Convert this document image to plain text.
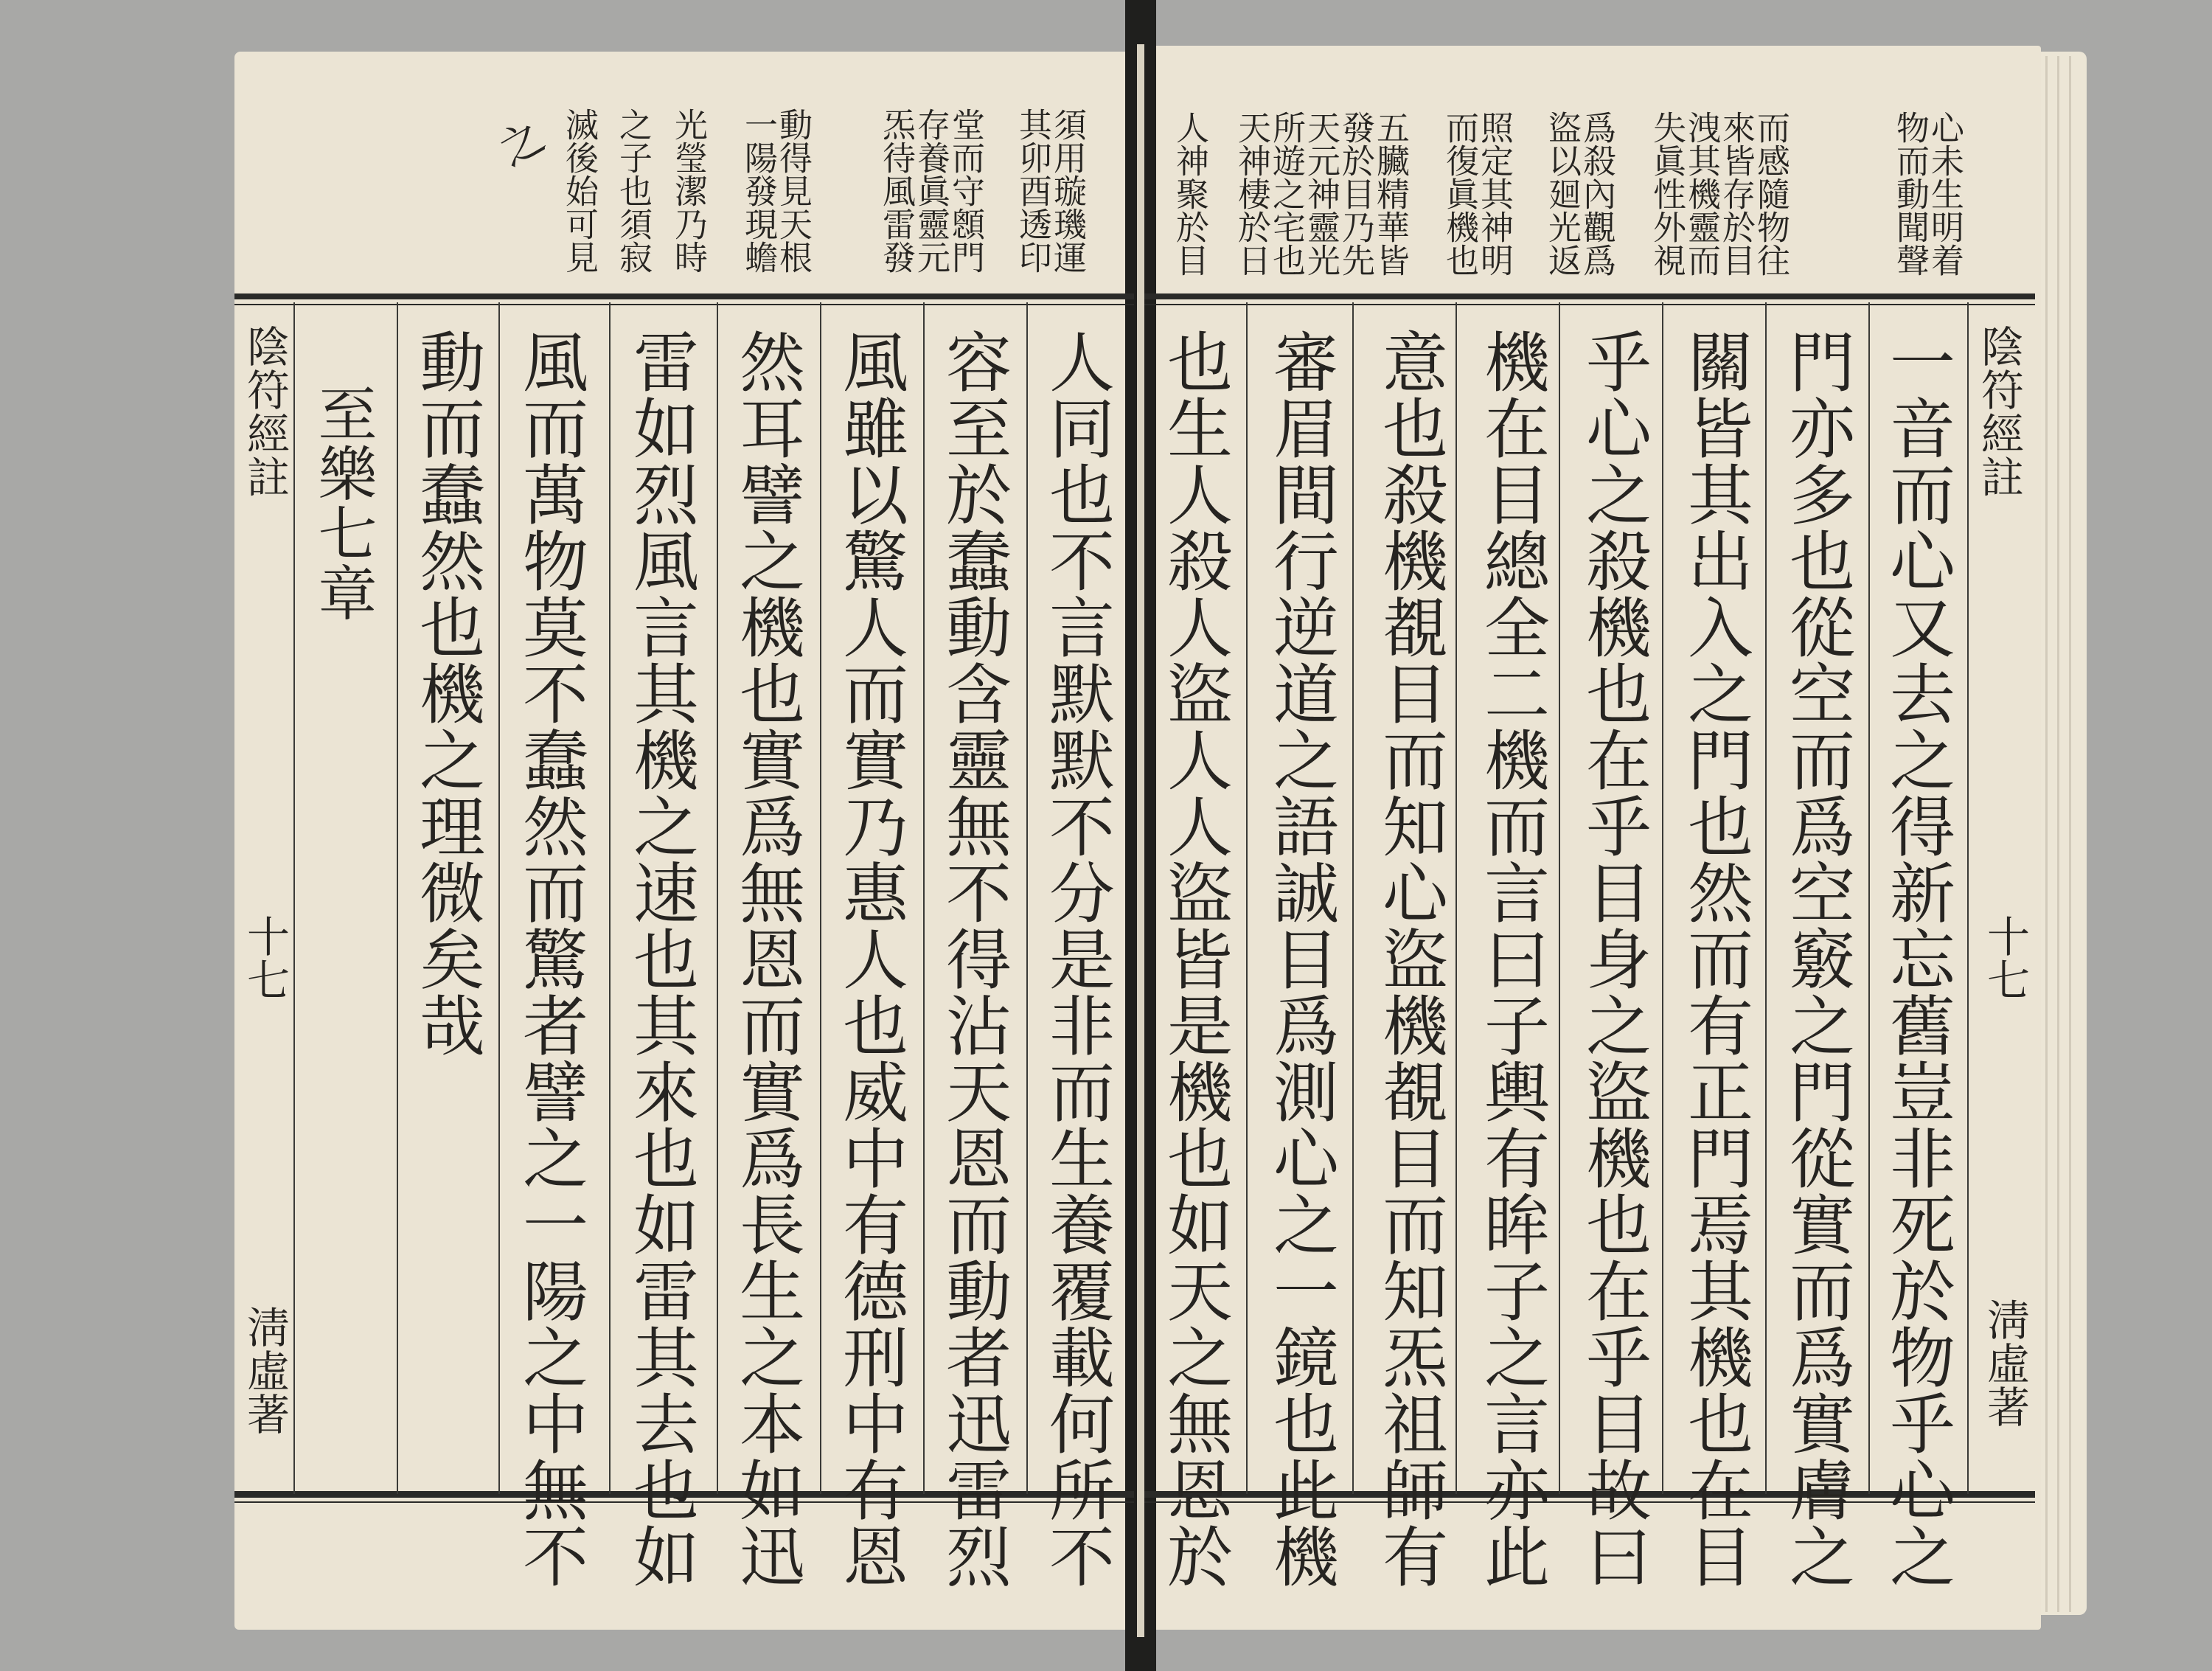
心未生明着
物而動聞聲
而感隨物往
來皆存於目
洩其機靈而
失眞性外視
爲殺內觀爲
盜以廻光返
照定其神明
而復眞機也
五臟精華皆
發於目乃先
天元神靈光
所遊之宅也
天神棲於日
人神聚於目
陰符經註
十七
淸虛著
一音而心又去之得新忘舊豈非死於物乎心之
門亦多也從空而爲空竅之門從實而爲實膚之
關皆其出入之門也然而有正門焉其機也在目
乎心之殺機也在乎目身之盜機也在乎目故曰
機在目總全二機而言曰子輿有眸子之言亦此
意也殺機覩目而知心盜機覩目而知炁祖師有
審眉間行逆道之語誠目爲測心之一鏡也此機
也生人殺人盜人人盜皆是機也如天之無恩於
須用璇璣運
其卯酉透印
堂而守顖門
存養眞靈元
炁待風雷發
動得見天根
一陽發現蟾
光瑩潔乃時
之子也須寂
滅後始可見
之
陰符經註
十七
淸虛著	人同也不言默默不分是非而生養覆載何所不
容至於蠢動含靈無不得沾天恩而動者迅雷烈
風雖以驚人而實乃惠人也威中有德刑中有恩
然耳譬之機也實爲無恩而實爲長生之本如迅
雷如烈風言其機之速也其來也如雷其去也如
風而萬物莫不蠢然而驚者譬之一陽之中無不
動而蠢然也機之理微矣哉
至樂七章
